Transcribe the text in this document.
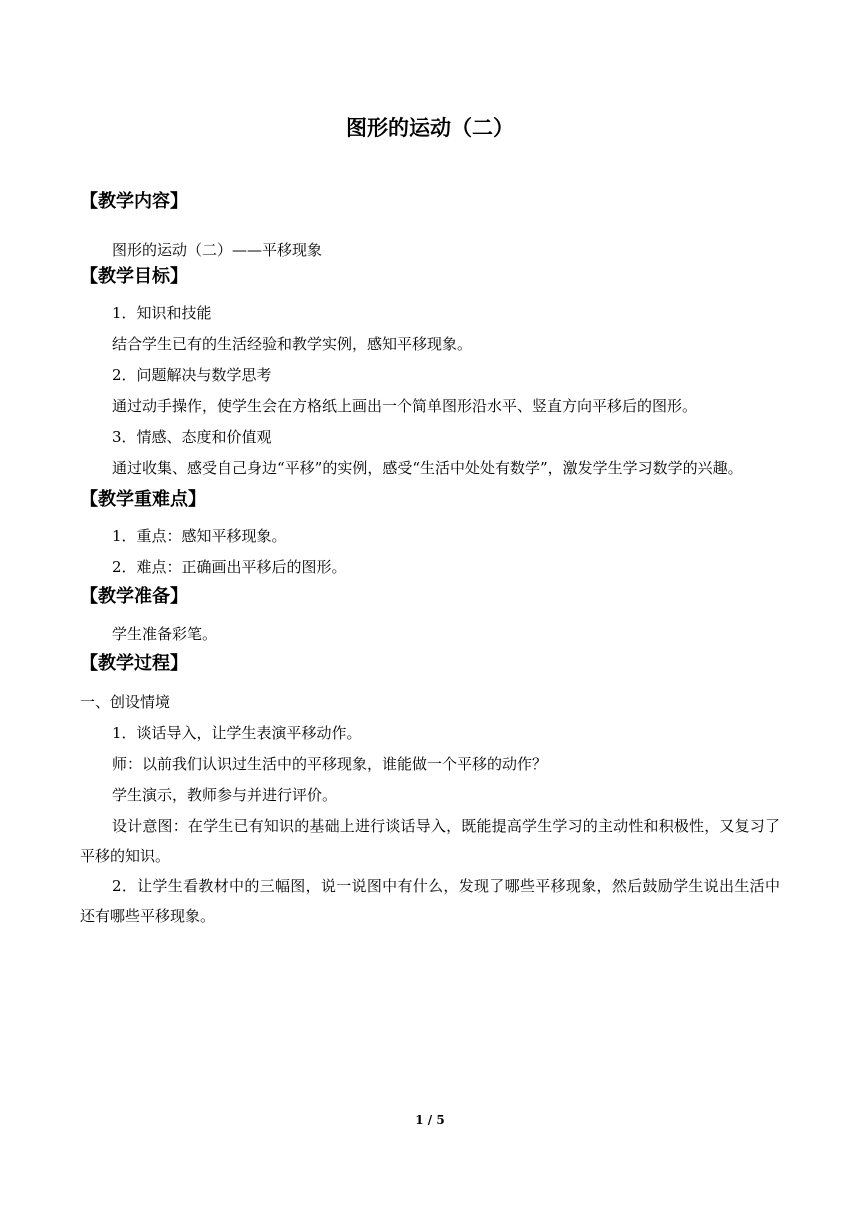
图形的运动（二）
【教学内容】

图形的运动（二）——平移现象

【教学目标】

1．知识和技能

结合学生已有的生活经验和教学实例，感知平移现象。

2．问题解决与数学思考

通过动手操作，使学生会在方格纸上画出一个简单图形沿水平、竖直方向平移后的图形。

3．情感、态度和价值观

通过收集、感受自己身边“平移”的实例，感受“生活中处处有数学”，激发学生学习数学的兴趣。

【教学重难点】

1．重点：感知平移现象。

2．难点：正确画出平移后的图形。

【教学准备】

学生准备彩笔。

【教学过程】

一、创设情境

1．谈话导入，让学生表演平移动作。

师：以前我们认识过生活中的平移现象，谁能做一个平移的动作？

学生演示，教师参与并进行评价。

设计意图：在学生已有知识的基础上进行谈话导入，既能提高学生学习的主动性和积极性，又复习了平移的知识。

2．让学生看教材中的三幅图，说一说图中有什么，发现了哪些平移现象，然后鼓励学生说出生活中还有哪些平移现象。

1 / 5
